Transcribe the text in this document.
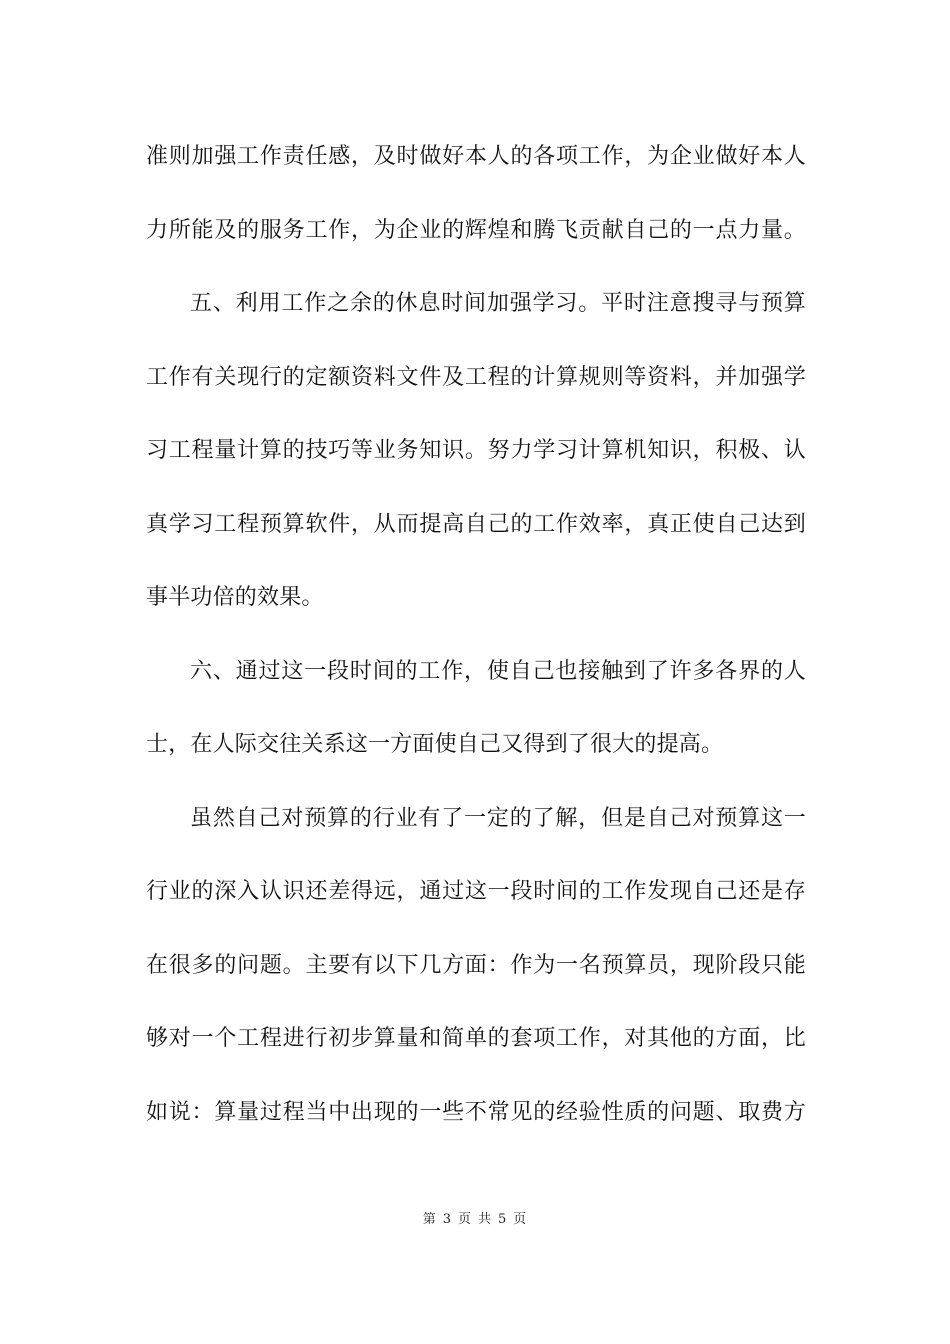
准则加强工作责任感，及时做好本人的各项工作，为企业做好本人
力所能及的服务工作，为企业的辉煌和腾飞贡献自己的一点力量。
五、利用工作之余的休息时间加强学习。平时注意搜寻与预算
工作有关现行的定额资料文件及工程的计算规则等资料，并加强学
习工程量计算的技巧等业务知识。努力学习计算机知识，积极、认
真学习工程预算软件，从而提高自己的工作效率，真正使自己达到
事半功倍的效果。
六、通过这一段时间的工作，使自己也接触到了许多各界的人
士，在人际交往关系这一方面使自己又得到了很大的提高。
虽然自己对预算的行业有了一定的了解，但是自己对预算这一
行业的深入认识还差得远，通过这一段时间的工作发现自己还是存
在很多的问题。主要有以下几方面：作为一名预算员，现阶段只能
够对一个工程进行初步算量和简单的套项工作，对其他的方面，比
如说：算量过程当中出现的一些不常见的经验性质的问题、取费方
第 3 页 共 5 页
